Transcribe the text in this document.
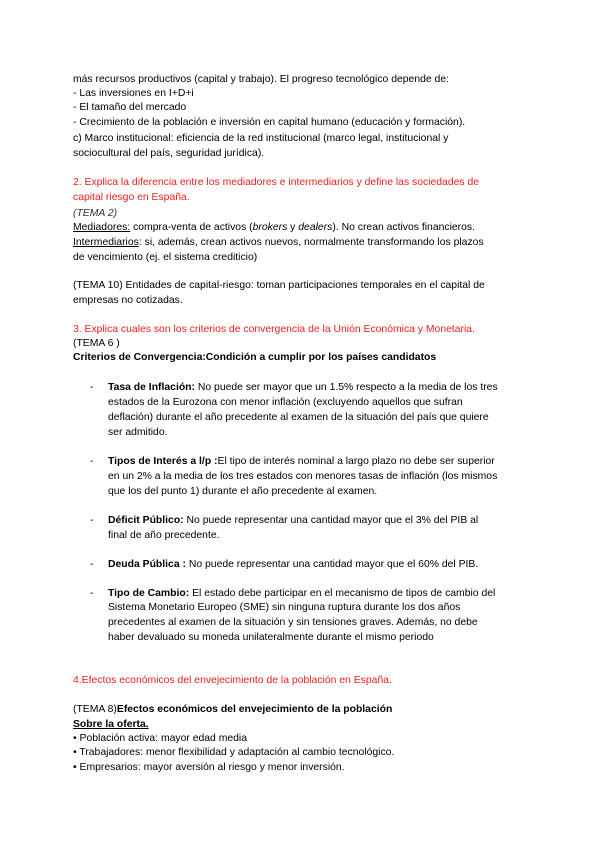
más recursos productivos (capital y trabajo). El progreso tecnológico depende de:

- Las inversiones en I+D+i

- El tamaño del mercado

- Crecimiento de la población e inversión en capital humano (educación y formación).

c) Marco institucional: eficiencia de la red institucional (marco legal, institucional y

sociocultural del país, seguridad jurídica).

2. Explica la diferencia entre los mediadores e intermediarios y define las sociedades de

capital riesgo en España.

(TEMA 2)

Mediadores: compra-venta de activos (brokers y dealers). No crean activos financieros.

Intermediarios: si, además, crean activos nuevos, normalmente transformando los plazos

de vencimiento (ej. el sistema crediticio)

(TEMA 10) Entidades de capital-riesgo: toman participaciones temporales en el capital de

empresas no cotizadas.

3. Explica cuales son los criterios de convergencia de la Unión Económica y Monetaria.

(TEMA 6 )

Criterios de Convergencia:Condición a cumplir por los países candidatos

- Tasa de Inflación: No puede ser mayor que un 1.5% respecto a la media de los tres

estados de la Eurozona con menor inflación (excluyendo aquellos que sufran

deflación) durante el año precedente al examen de la situación del país que quiere

ser admitido.

- Tipos de Interés a l/p :El tipo de interés nominal a largo plazo no debe ser superior

en un 2% a la media de los tres estados con menores tasas de inflación (los mismos

que los del punto 1) durante el año precedente al examen.

- Déficit Público: No puede representar una cantidad mayor que el 3% del PIB al

final de año precedente.

- Deuda Pública : No puede representar una cantidad mayor que el 60% del PIB.

- Tipo de Cambio: El estado debe participar en el mecanismo de tipos de cambio del

Sistema Monetario Europeo (SME) sin ninguna ruptura durante los dos años

precedentes al examen de la situación y sin tensiones graves. Además, no debe

haber devaluado su moneda unilateralmente durante el mismo periodo

4.Efectos económicos del envejecimiento de la población en España.

(TEMA 8)Efectos económicos del envejecimiento de la población

Sobre la oferta.

• Población activa: mayor edad media

• Trabajadores: menor flexibilidad y adaptación al cambio tecnológico.

• Empresarios: mayor aversión al riesgo y menor inversión.
